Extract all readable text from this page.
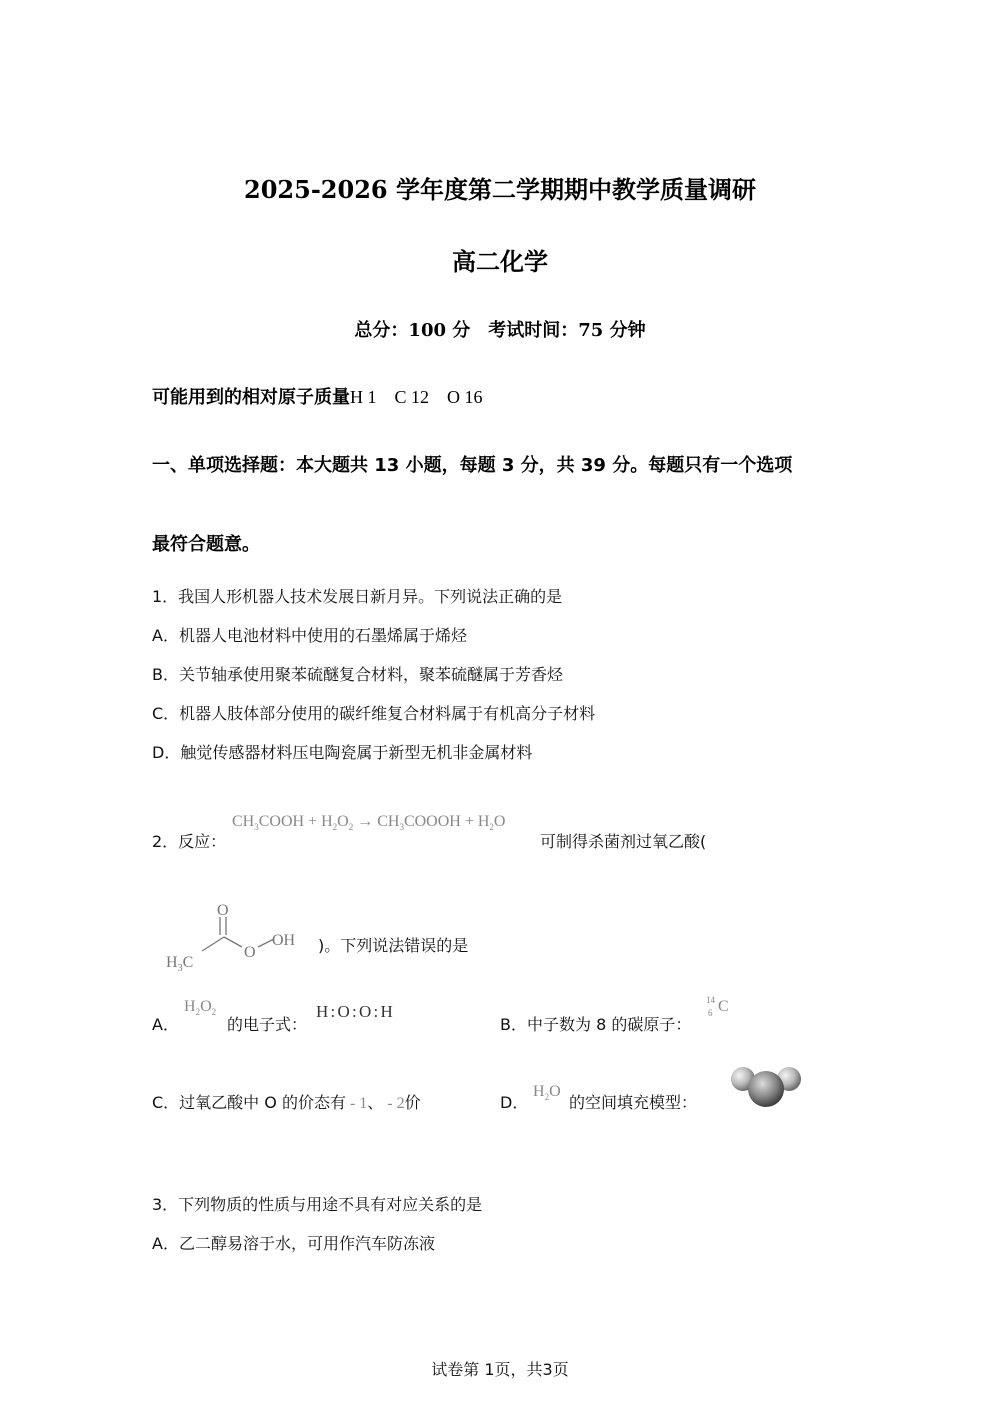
2025-2026 学年度第二学期期中教学质量调研
高二化学
总分：100 分　考试时间：75 分钟
可能用到的相对原子质量H 1　C 12　O 16
一、单项选择题：本大题共 13 小题，每题 3 分，共 39 分。每题只有一个选项
最符合题意。
1．我国人形机器人技术发展日新月异。下列说法正确的是
A．机器人电池材料中使用的石墨烯属于烯烃
B．关节轴承使用聚苯硫醚复合材料，聚苯硫醚属于芳香烃
C．机器人肢体部分使用的碳纤维复合材料属于有机高分子材料
D．触觉传感器材料压电陶瓷属于新型无机非金属材料
2．反应：
$CH_3COOH + H_2O_2$ → $CH_3COOOH + H_2O$
可制得杀菌剂过氧乙酸(
O
O
OH
$H_3C$
)。下列说法错误的是
A．
$H_2O_2$
的电子式：
H : O : O : H
B．中子数为 8 的碳原子：
14
6 C
C．过氧乙酸中 O 的价态有 - 1、 - 2价	D．
$H_2O$
的空间填充模型：
3．下列物质的性质与用途不具有对应关系的是
A．乙二醇易溶于水，可用作汽车防冻液
试卷第 1页，共3页
